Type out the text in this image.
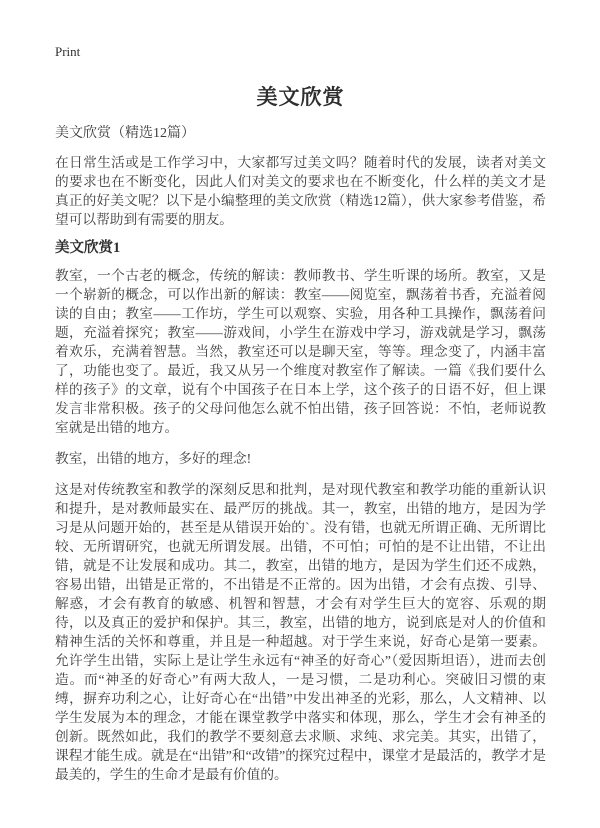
Print
美文欣赏

美文欣赏（精选12篇）

在日常生活或是工作学习中，大家都写过美文吗？随着时代的发展，读者对美文的要求也在不断变化，因此人们对美文的要求也在不断变化，什么样的美文才是真正的好美文呢？以下是小编整理的美文欣赏（精选12篇），供大家参考借鉴，希望可以帮助到有需要的朋友。

美文欣赏1

教室，一个古老的概念，传统的解读：教师教书、学生听课的场所。教室，又是一个崭新的概念，可以作出新的解读：教室——阅览室，飘荡着书香，充溢着阅读的自由；教室——工作坊，学生可以观察、实验，用各种工具操作，飘荡着问题，充溢着探究；教室——游戏间，小学生在游戏中学习，游戏就是学习，飘荡着欢乐，充满着智慧。当然，教室还可以是聊天室，等等。理念变了，内涵丰富了，功能也变了。最近，我又从另一个维度对教室作了解读。一篇《我们要什么样的孩子》的文章，说有个中国孩子在日本上学，这个孩子的日语不好，但上课发言非常积极。孩子的父母问他怎么就不怕出错，孩子回答说：不怕，老师说教室就是出错的地方。

教室，出错的地方，多好的理念!

这是对传统教室和教学的深刻反思和批判，是对现代教室和教学功能的重新认识和提升，是对教师最实在、最严厉的挑战。其一，教室，出错的地方，是因为学习是从问题开始的，甚至是从错误开始的`。没有错，也就无所谓正确、无所谓比较、无所谓研究，也就无所谓发展。出错，不可怕；可怕的是不让出错，不让出错，就是不让发展和成功。其二，教室，出错的地方，是因为学生们还不成熟，容易出错，出错是正常的，不出错是不正常的。因为出错，才会有点拨、引导、解惑，才会有教育的敏感、机智和智慧，才会有对学生巨大的宽容、乐观的期待，以及真正的爱护和保护。其三，教室，出错的地方，说到底是对人的价值和精神生活的关怀和尊重，并且是一种超越。对于学生来说，好奇心是第一要素。允许学生出错，实际上是让学生永远有“神圣的好奇心”（爱因斯坦语），进而去创造。而“神圣的好奇心”有两大敌人，一是习惯，二是功利心。突破旧习惯的束缚，摒弃功利之心，让好奇心在“出错”中发出神圣的光彩，那么，人文精神、以学生发展为本的理念，才能在课堂教学中落实和体现，那么，学生才会有神圣的创新。既然如此，我们的教学不要刻意去求顺、求纯、求完美。其实，出错了，课程才能生成。就是在“出错”和“改错”的探究过程中，课堂才是最活的，教学才是最美的，学生的生命才是最有价值的。
